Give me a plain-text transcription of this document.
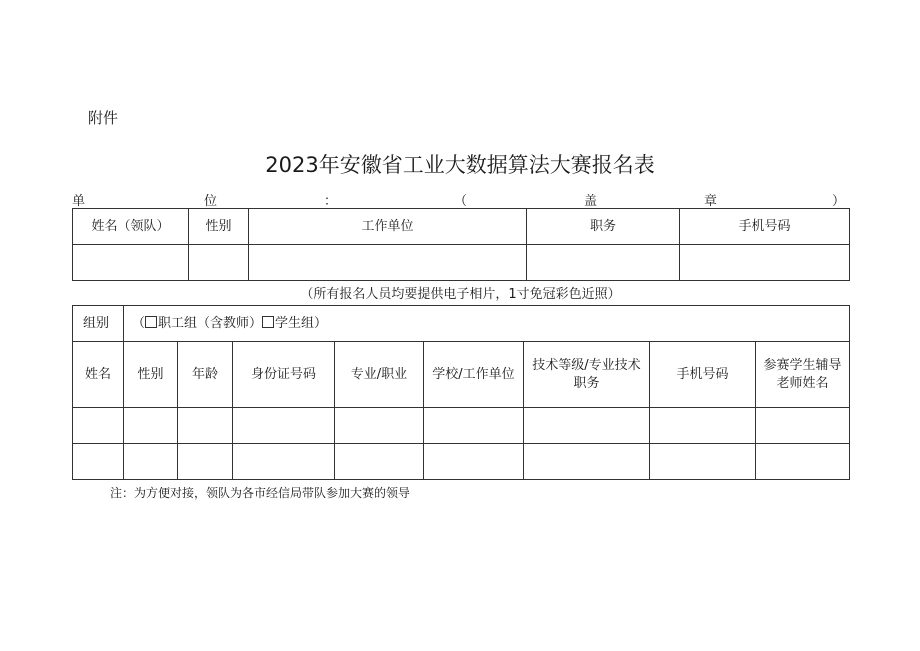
附件
2023年安徽省工业大数据算法大赛报名表
单	位	：	（	盖	章	）
姓名（领队）	性别	工作单位	职务	手机号码

（所有报名人员均要提供电子相片，1寸免冠彩色近照）
组别	（ 职工组（含教师） 学生组）							
姓名	性别	年龄	身份证号码	专业/职业	学校/工作单位	技术等级/专业技术职务	手机号码	参赛学生辅导老师姓名

注：为方便对接，领队为各市经信局带队参加大赛的领导
